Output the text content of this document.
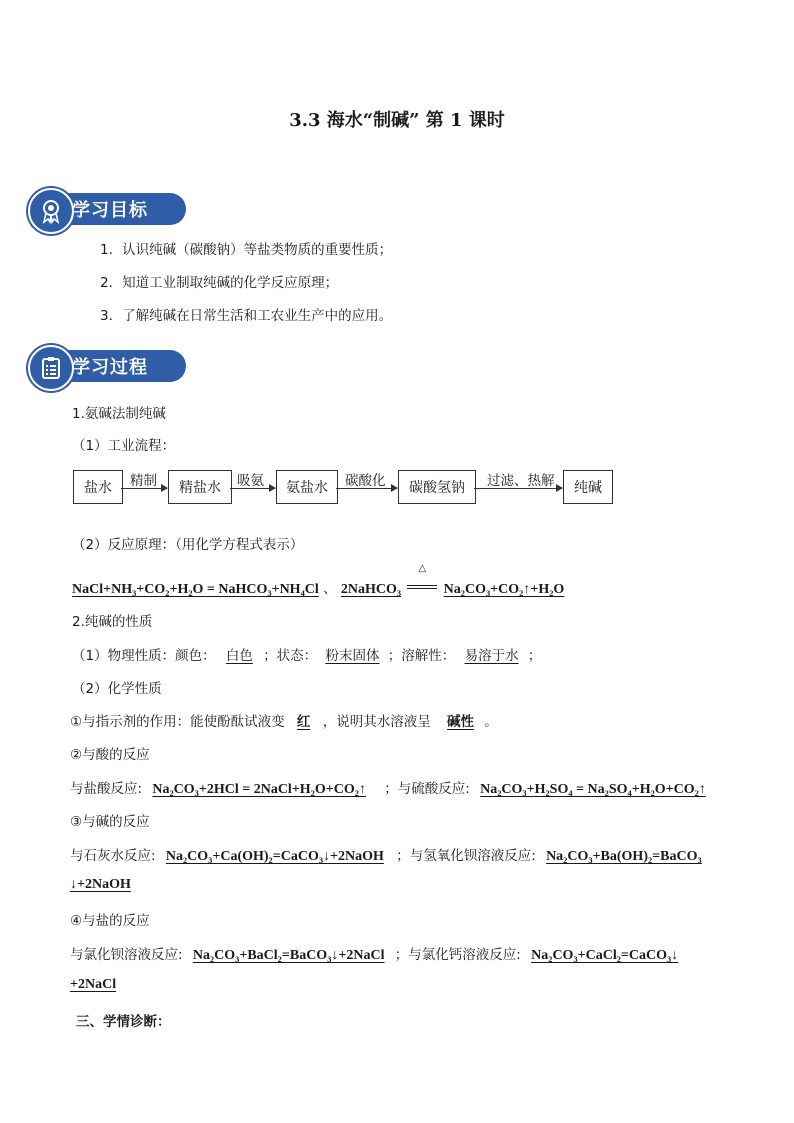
3.3 海水“制碱” 第 1 课时
学习目标
1．认识纯碱（碳酸钠）等盐类物质的重要性质；
2．知道工业制取纯碱的化学反应原理；
3．了解纯碱在日常生活和工农业生产中的应用。
学习过程
1.氨碱法制纯碱
（1）工业流程：
盐水	精制	精盐水	吸氨	氨盐水	碳酸化	碳酸氢钠	过滤、热解	纯碱
（2）反应原理：（用化学方程式表示）
NaCl+NH₃+CO₂+H₂O = NaHCO₃+NH₄Cl 、 2NaHCO₃
△
Na₂CO₃+CO₂↑+H₂O
2.纯碱的性质
（1）物理性质：颜色： 白色 ；状态： 粉末固体 ；溶解性： 易溶于水 ；
（2）化学性质
①与指示剂的作用：能使酚酞试液变 红 ，说明其水溶液呈 碱性 。
②与酸的反应
与盐酸反应: Na₂CO₃+2HCl = 2NaCl+H₂O+CO₂↑ ；与硫酸反应: Na₂CO₃+H₂SO₄ = Na₂SO₄+H₂O+CO₂↑
③与碱的反应
与石灰水反应: Na₂CO₃+Ca(OH)₂=CaCO₃↓+2NaOH ；与氢氧化钡溶液反应: Na₂CO₃+Ba(OH)₂=BaCO₃
↓+2NaOH
④与盐的反应
与氯化钡溶液反应: Na₂CO₃+BaCl₂=BaCO₃↓+2NaCl ；与氯化钙溶液反应: Na₂CO₃+CaCl₂=CaCO₃↓
+2NaCl
三、学情诊断：
